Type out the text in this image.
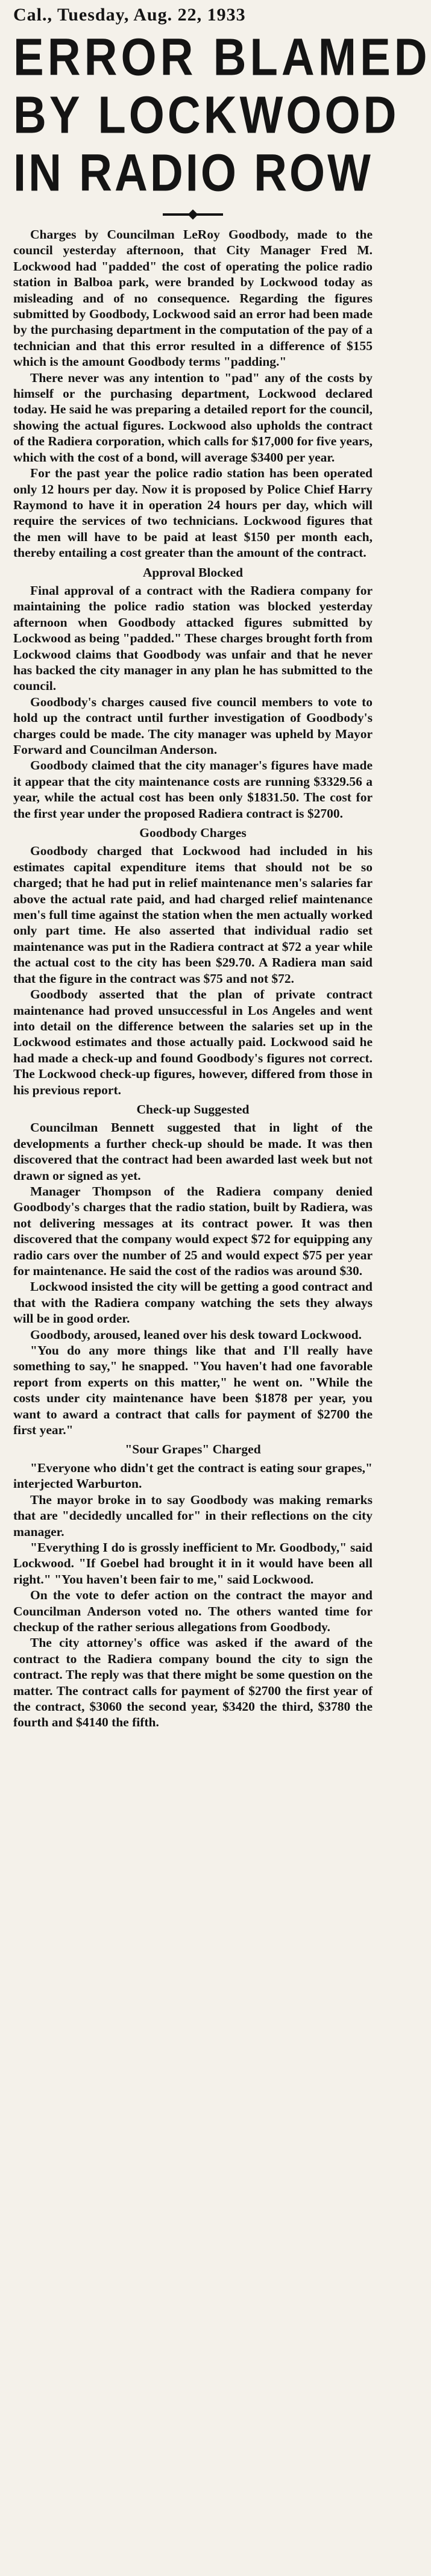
Cal., Tuesday, Aug. 22, 1933
ERROR BLAMED
BY LOCKWOOD
IN RADIO ROW

Charges by Councilman LeRoy Goodbody, made to the council yesterday afternoon, that City Manager Fred M. Lockwood had "padded" the cost of operating the police radio station in Balboa park, were branded by Lockwood today as misleading and of no consequence. Regarding the figures submitted by Goodbody, Lockwood said an error had been made by the purchasing department in the computation of the pay of a technician and that this error resulted in a difference of $155 which is the amount Goodbody terms "padding."

There never was any intention to "pad" any of the costs by himself or the purchasing department, Lockwood declared today. He said he was preparing a detailed report for the council, showing the actual figures. Lockwood also upholds the contract of the Radiera corporation, which calls for $17,000 for five years, which with the cost of a bond, will average $3400 per year.

For the past year the police radio station has been operated only 12 hours per day. Now it is proposed by Police Chief Harry Raymond to have it in operation 24 hours per day, which will require the services of two technicians. Lockwood figures that the men will have to be paid at least $150 per month each, thereby entailing a cost greater than the amount of the contract.

Approval Blocked

Final approval of a contract with the Radiera company for maintaining the police radio station was blocked yesterday afternoon when Goodbody attacked figures submitted by Lockwood as being "padded." These charges brought forth from Lockwood claims that Goodbody was unfair and that he never has backed the city manager in any plan he has submitted to the council.

Goodbody's charges caused five council members to vote to hold up the contract until further investigation of Goodbody's charges could be made. The city manager was upheld by Mayor Forward and Councilman Anderson.

Goodbody claimed that the city manager's figures have made it appear that the city maintenance costs are running $3329.56 a year, while the actual cost has been only $1831.50. The cost for the first year under the proposed Radiera contract is $2700.

Goodbody Charges

Goodbody charged that Lockwood had included in his estimates capital expenditure items that should not be so charged; that he had put in relief maintenance men's salaries far above the actual rate paid, and had charged relief maintenance men's full time against the station when the men actually worked only part time. He also asserted that individual radio set maintenance was put in the Radiera contract at $72 a year while the actual cost to the city has been $29.70. A Radiera man said that the figure in the contract was $75 and not $72.

Goodbody asserted that the plan of private contract maintenance had proved unsuccessful in Los Angeles and went into detail on the difference between the salaries set up in the Lockwood estimates and those actually paid. Lockwood said he had made a check-up and found Goodbody's figures not correct. The Lockwood check-up figures, however, differed from those in his previous report.

Check-up Suggested

Councilman Bennett suggested that in light of the developments a further check-up should be made. It was then discovered that the contract had been awarded last week but not drawn or signed as yet.

Manager Thompson of the Radiera company denied Goodbody's charges that the radio station, built by Radiera, was not delivering messages at its contract power. It was then discovered that the company would expect $72 for equipping any radio cars over the number of 25 and would expect $75 per year for maintenance. He said the cost of the radios was around $30.

Lockwood insisted the city will be getting a good contract and that with the Radiera company watching the sets they always will be in good order.

Goodbody, aroused, leaned over his desk toward Lockwood.

"You do any more things like that and I'll really have something to say," he snapped. "You haven't had one favorable report from experts on this matter," he went on. "While the costs under city maintenance have been $1878 per year, you want to award a contract that calls for payment of $2700 the first year."

"Sour Grapes" Charged

"Everyone who didn't get the contract is eating sour grapes," interjected Warburton.

The mayor broke in to say Goodbody was making remarks that are "decidedly uncalled for" in their reflections on the city manager.

"Everything I do is grossly inefficient to Mr. Goodbody," said Lockwood. "If Goebel had brought it in it would have been all right." "You haven't been fair to me," said Lockwood.

On the vote to defer action on the contract the mayor and Councilman Anderson voted no. The others wanted time for checkup of the rather serious allegations from Goodbody.

The city attorney's office was asked if the award of the contract to the Radiera company bound the city to sign the contract. The reply was that there might be some question on the matter. The contract calls for payment of $2700 the first year of the contract, $3060 the second year, $3420 the third, $3780 the fourth and $4140 the fifth.
